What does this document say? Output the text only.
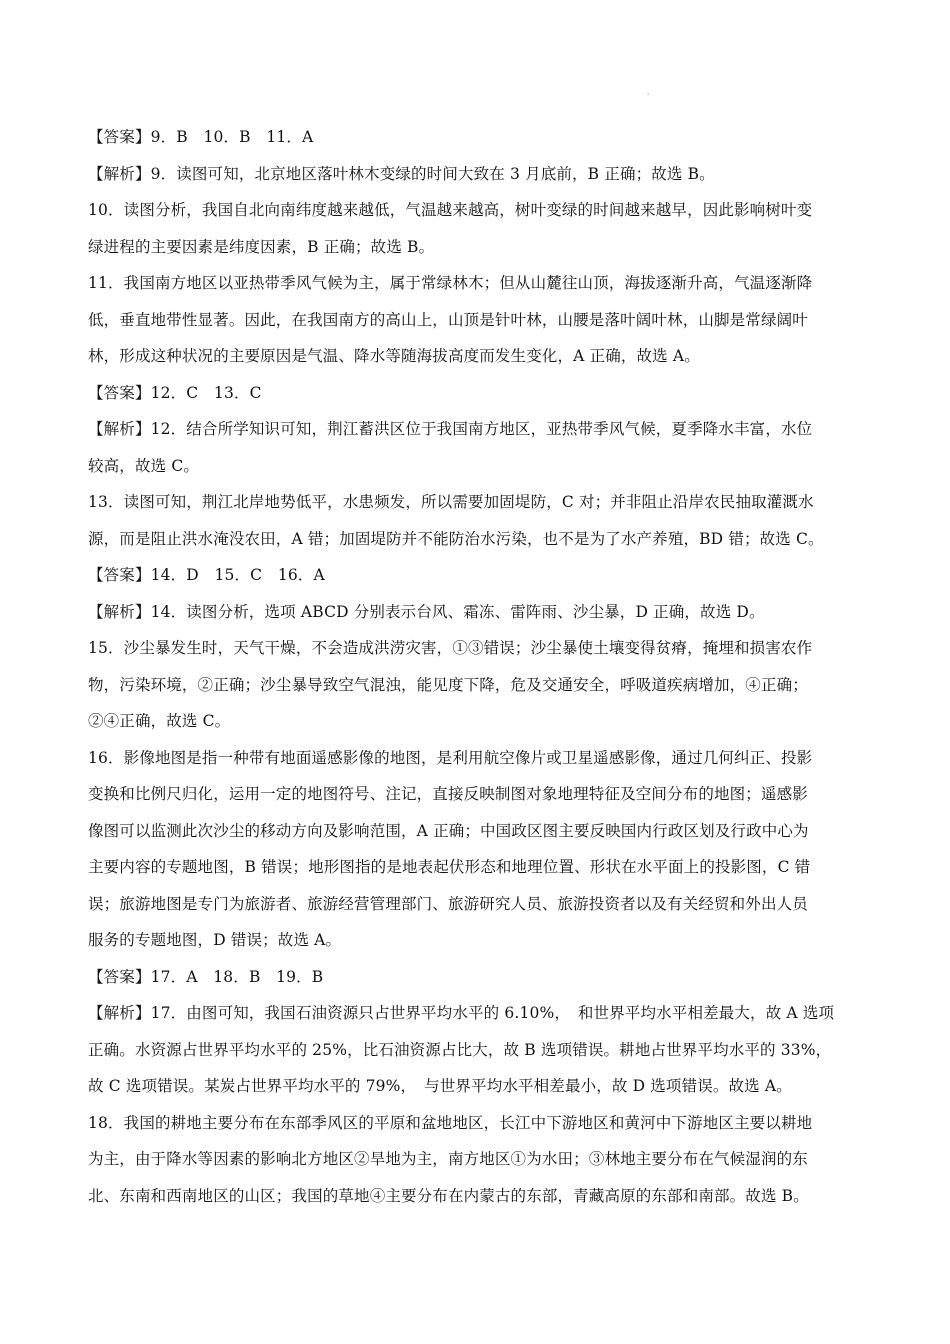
'
【答案】9．B　10．B　11．A
【解析】9．读图可知，北京地区落叶林木变绿的时间大致在 3 月底前，B 正确；故选 B。
10．读图分析，我国自北向南纬度越来越低，气温越来越高，树叶变绿的时间越来越早，因此影响树叶变
绿进程的主要因素是纬度因素，B 正确；故选 B。
11．我国南方地区以亚热带季风气候为主，属于常绿林木；但从山麓往山顶，海拔逐渐升高，气温逐渐降
低，垂直地带性显著。因此，在我国南方的高山上，山顶是针叶林，山腰是落叶阔叶林，山脚是常绿阔叶
林，形成这种状况的主要原因是气温、降水等随海拔高度而发生变化，A 正确，故选 A。
【答案】12．C　13．C
【解析】12．结合所学知识可知，荆江蓄洪区位于我国南方地区，亚热带季风气候，夏季降水丰富，水位
较高，故选 C。
13．读图可知，荆江北岸地势低平，水患频发，所以需要加固堤防，C 对；并非阻止沿岸农民抽取灌溉水
源，而是阻止洪水淹没农田，A 错；加固堤防并不能防治水污染，也不是为了水产养殖，BD 错；故选 C。
【答案】14．D　15．C　16．A
【解析】14．读图分析，选项 ABCD 分别表示台风、霜冻、雷阵雨、沙尘暴，D 正确，故选 D。
15．沙尘暴发生时，天气干燥，不会造成洪涝灾害，①③错误；沙尘暴使土壤变得贫瘠，掩埋和损害农作
物，污染环境，②正确；沙尘暴导致空气混浊，能见度下降，危及交通安全，呼吸道疾病增加，④正确；
②④正确，故选 C。
16．影像地图是指一种带有地面遥感影像的地图，是利用航空像片或卫星遥感影像，通过几何纠正、投影
变换和比例尺归化，运用一定的地图符号、注记，直接反映制图对象地理特征及空间分布的地图；遥感影
像图可以监测此次沙尘的移动方向及影响范围，A 正确；中国政区图主要反映国内行政区划及行政中心为
主要内容的专题地图，B 错误；地形图指的是地表起伏形态和地理位置、形状在水平面上的投影图，C 错
误；旅游地图是专门为旅游者、旅游经营管理部门、旅游研究人员、旅游投资者以及有关经贸和外出人员
服务的专题地图，D 错误；故选 A。
【答案】17．A　18．B　19．B
【解析】17．由图可知，我国石油资源只占世界平均水平的 6.10%，　和世界平均水平相差最大，故 A 选项
正确。水资源占世界平均水平的 25%，比石油资源占比大，故 B 选项错误。耕地占世界平均水平的 33%，
故 C 选项错误。某炭占世界平均水平的 79%，　与世界平均水平相差最小，故 D 选项错误。故选 A。
18．我国的耕地主要分布在东部季风区的平原和盆地地区，长江中下游地区和黄河中下游地区主要以耕地
为主，由于降水等因素的影响北方地区②旱地为主，南方地区①为水田；③林地主要分布在气候湿润的东
北、东南和西南地区的山区；我国的草地④主要分布在内蒙古的东部，青藏高原的东部和南部。故选 B。
